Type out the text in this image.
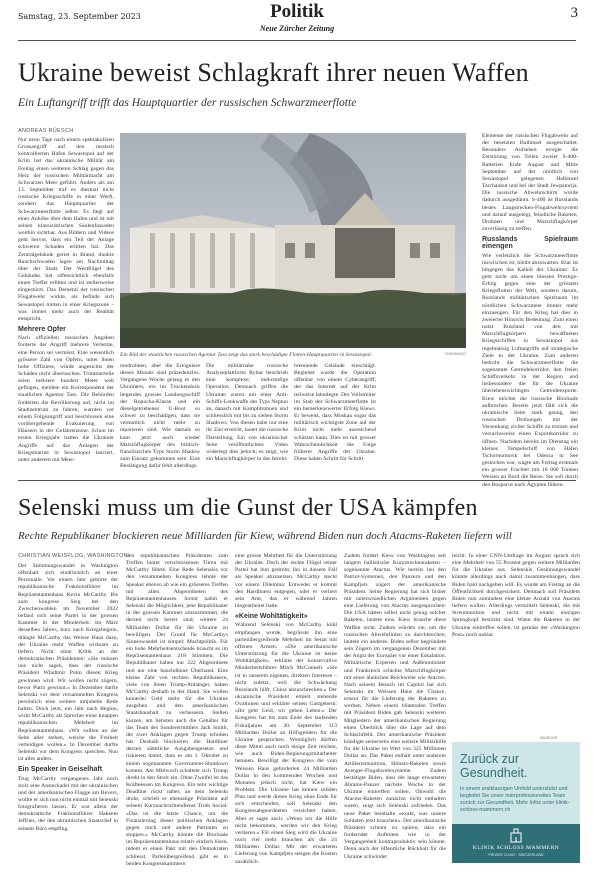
Politik
Neue Zürcher Zeitung
Samstag, 23. September 2023	3
Ukraine beweist Schlagkraft ihrer neuen Waffen
Ein Luftangriff trifft das Hauptquartier der russischen Schwarzmeerflotte
ANDREAS RÜESCH

Nur neun Tage nach einem spektakulären Grossangriff auf den russisch kontrollierten Hafen Sewastopol auf der Krim hat das ukrainische Militär am Freitag einen weiteren Schlag gegen das Herz der russischen Militärmacht am Schwarzen Meer geführt. Anders als am 13. September traf es diesmal nicht russische Kriegsschiffe in einer Werft, sondern das Hauptquartier der Schwarzmeerflotte selbst. Es liegt auf einer Anhöhe über dem Hafen und ist mit seinen klassizistischen Säulenfassaden weithin sichtbar. Aus Bildern und Videos geht hervor, dass ein Teil der Anlage schweren Schaden erlitten hat. Das Zentralgebäude geriet in Brand, dunkle Rauchschwaden lagen am Nachmittag über der Stadt. Der Westflügel des Gebäudes hat offensichtlich ebenfalls einen Treffer erlitten und ist stellenweise eingestürzt. Das Dementi der russischen Flugabwehr wirkte, als befinde sich Sewastopol mitten in einer Kriegszone – was immer mehr auch der Realität entspricht.

Mehrere Opfer

Nach offiziellen russischen Angaben forderte der Angriff mehrere Verletzte, eine Person sei vermisst. Eine wesentlich grössere Zahl von Opfern, unter ihnen hohe Offiziere, würde angesichts der Schäden nicht überraschen. Trümmerteile seien mehrere hundert Meter weit geflogen, meldete ein Korrespondent der staatlichen Agentur Tass. Die Behörden forderten die Bevölkerung auf, nicht im Stadtzentrum zu fahren, warnten vor einem Folgeangriff und beschlossen eine vorübergehende Evakuierung von Häusern in der Gefahrenzone. Schon im ersten Kriegsjahr hatten die Ukrainer Angriffe auf das Anlagen der Kriegsmarine in Sewastopol lanciert, unter anderem mit Meer-

Ein Bild der staatlichen russischen Agentur Tass zeigt das stark beschädigte Flotten-Hauptquartier in Sewastopol.	TASS/IMAGO

rendrohnen, aber die Ereignisse dieses Monats sind präzedenzlos. Vergangene Woche gelang es den Ukrainern, ein im Trockendock liegendes grosses Landungsschiff der Ropucha-Klasse und ein dieselgetriebenes U-Boot so schwer zu beschädigen, dass sie vermutlich nicht mehr zu reparieren sind. Wie damals so kam jetzt auch wieder Marschflugkörper des britisch-französischen Typs Storm Shadow zum Einsatz gekommen sein. Eine Bestätigung dafür fehlt allerdings.

Die militärnahe russische Analyseplattform Rybar beschrieb eine komplexe, mehrstufige Operation. Demnach griffen die Ukrainer zuerst mit einer Anti-Schiffs-Lenkwaffe des Typs Neptun an, danach mit Kampfdrohnen und schliesslich mit bis zu sieben Storm Shadows. Von diesen habe nur eine ihr Ziel erreicht, lautet die russische Darstellung. Ein von ukrainischer Seite veröffentlichtes Video widerlegt dies jedoch; es zeigt, wie ein Marschflugkörper in das bereits

brennende Gebäude einschlägt. Begleitet wurde die Operation offenbar von einem Cyberangriff, der das Internet auf der Krim teilweise lahmlegte. Der Vollstreiter im Stab der Schwarzmeerflotte ist ein bemerkenswerter Erfolg Kiews. Er beweist, dass Moskau sogar das militärisch wichtigste Zone auf der Krim nicht mehr ausreichend schützen kann. Dies ist mit grosser Wahrscheinlichkeit die Folge früherer Angriffe der Ukraine. Diese haben Schritt für Schritt

Elemente der russischen Flugabwehr auf der besetzten Halbinsel ausgeschaltet. Besonders Aufsehen erregte die Zerstörung von Teilen zweier S-400-Batterien Ende August und Mitte September auf der nördlich von Sewastopol gelegenen Halbinsel Tarchankut und bei der Stadt Jewpatorija. Die russische Abwehrschirm wurde dadurch ausgedünnt. S-400 ist Russlands bestes Langstrecken-Flugabwehrsystem und darauf ausgelegt, feindliche Raketen, Drohnen und Marschflugkörper zuverlässig zu treffen.

Russlands Spielraum einengen

Wie verletzlich die Schwarzmeerflotte inzwischen ist, bleibt abzuwarten. Klar ist hingegen das Kalkül der Ukrainer: Es geht nicht um einen blossen Prestige-Erfolg gegen eine der grössten Kriegsflotten der Welt, sondern darum, Russlands militärischen Spielraum im nördlichen Schwarzmeer immer mehr einzuengen. Für den Krieg hat dies in zweierlei Hinsicht Bedeutung. Zum einen nutzt Russland von den mit Marschflugkörpern bewaffneten Kriegsschiffen in Sewastopol aus regelmässig Luftangriffe auf strategische Ziele in der Ukraine. Zum anderen bedroht die Schwarzmeerflotte die sogenannte Getreidekorridor, den freien Schiffsverkehr in der Region und insbesondere die für die Ukraine überlebenswichtigen Getreideexporte. Kiew möchte die russische Blockade aufbrechen. Bereits jetzt fällt sich die ukrainische Seite stark genug, den russischen Drohungen mit der Versenkung ziviler Schiffe zu trotzen und versuchsweise einen Exportkorridor zu öffnen. Nachdem bereits im Dienstag ein kleines Tempelschiff von Häfen Tschornomorsk bei Odessa in See gestochen war, wagte am Freitag erstmals ein grosser Frachter mit 18 000 Tonnen Weizen an Bord die Reise. Sie soll durch den Bosporus nach Ägypten führen.

Selenski muss um die Gunst der USA kämpfen
Rechte Republikaner blockieren neue Milliarden für Kiew, während Biden nun doch Atacms-Raketen liefern will
CHRISTIAN WEISFLOG, WASHINGTON

Der Stimmungswandel in Washington offenbart sich eindrücklich an einer Personalie. Vor einem Jahr gehörte der republikanische Fraktionsführer im Repräsentantenhaus Kevin McCarthy. Bis zum kongress Sieg bei den Zwischenwahlen im November 2022 befand sich seine Partei in der grossen Kammer in der Minderheit. Im März desselben Jahres, kurz nach Kriegsbeginn, drängte McCarthy das Weisse Haus dazu, der Ukraine mehr Waffen wirksam zu liefern. Nicht ohne Kritik an der demokratischen Präsidenten: «Sie müssen uns nicht sagen, dass der russische Präsident Wladimir Putin diesen Krieg gewinnen wird. Wir wollen nicht zögern, bevor Putin gewinnt.» In Dezember darfte Selenski vor dem versammelten Kongress persönlich eine weitere umjubelte Rede halten. Doch jetzt, ein Jahr nach Beginn, wirkt McCarthy als Sprecher einer knappen republikanischen Mehrheit im Repräsentantenhaus. «Wir sollten an der Seite aller stehen, welche die Freiheit verteidigen wollen.» In Dezember durfte Selenski vor dem Kongress sprechen. Nun ist alles anders.

Ein Speaker in Geiselhaft

Trug McCarthy vergangenes Jahr noch stolz eine Ansteckadel mit der ukrainischen und der amerikanischen Flagge am Revers, wollte er sich nun nicht einmal mit Selenski fotografieren lassen. Er war allein der demokratische Fraktionsführer Hakeem Jeffries, der den ukrainischen Staatschef in seinem Büro empfing.

den republikanischen Präsidenten zum Treffen hinter verschlossenen Türen mit McCarthy führte. Eine Rede Selenskis vor den versammelten Kongress lehnte der Speaker ebenso ab wie ein grösseres Treffen mit allen Abgeordneten des Repräsentantenhauses. Somit nahm er Selenski die Möglichkeit, jene Republikaner in der grossen Kammer umzustimmen, die derzeit nicht bereit sind, weitere 24 Milliarden Dollar für die Ukraine zu bewilligen. Der Grund für McCarthys Sinneswandel ist simpel: Machtpolitik. Für ein hohe Mehrheitsentscheide braucht es im Repräsentantenhaus 218 Stimmen. Die Republikaner haben nur 222 Abgeordnete und nur eine hauchdünne Überhand. Eine kleine Zahl von rechten Republikanern, viele von ihnen Trump-Anhänger, haben McCarthy deshalb in der Hand. Sie wollen keinerlei Geld mehr für die Ukraine ausgeben und den amerikanischen Staatshaushalt zu verbessern. Stellen kürzen, am liebsten auch die Gehälter für das Team des Sonderermittlers Jack Smith, der zwei Anklagen gegen Trump erhoben hat. Deshalb blockieren die Hardliner derzeit sämtliche Ausgabengesetze und riskieren damit, dass es am 1. Oktober zu einem sogenannten Government-Shutdown kommt. Am Mittwoch schaltete sich Trump direkt in den Streit ein. Ohne Zweifel ist das Kräfteessen im Kongress. Ein sehr wichtige Deadline rückt näher, an dem Selenski droht, schrieb er ehemalige Präsident auf seinem Kurznachrichtendienst Truth Social: «Das ist die letzte Chance, um die Finanzierung dieser politischen Anklagen gegen mich und andere Patrioten zu stoppen.» McCarthy könnte die Blockade im Repräsentantenhaus relativ einfach lösen, indem er einen Pakt mit den Demokraten schliesst. Parteiübergreifend gibt es in beiden Kongresskammern

eine grosse Mehrheit für die Unterstützung der Ukraine. Doch der rechte Flügel seiner Partei hat ihm gedroht, ihn in diesem Fall als Speaker abzusetzen. McCarthy steckt vor einem Dilemma: Entweder er kommt den Hardlinern entgegen, oder er verliert sein Amt, das er während Jahren hingearbeitet hatte.

«Keine Wohltätigkeit»

Während Selenski von McCarthy kühl empfangen wurde, begrüsste ihn eine parteiübergreifende Mehrheit im Senat mit offenen Armen. «Die amerikanische Unterstützung für die Ukraine ist keine Wohltätigkeit», erklärte der konservative Minderheitsführer Mitch McConnell. «Sie ist in unserem eigenen, direkten Interesse – nicht zuletzt, weil die Schwächung Russlands hilft, China abzuschrecken.» Der ukrainische Präsident erhielt stehende Ovationen und erklärte seinen Gastgebern: «Ihr gebt Geld, wir geben Leben.» Der Kongress hat bis zum Ende des laufenden Fiskaljahres am 30. September 113 Milliarden Dollar an Hilfsgeldern für die Ukraine gesprochen. Womöglich dürften diese Mittel auch noch einige Zeit reichen, wie auch Biden-Regierungsmitarbeiter betonen. Bewilligt der Kongress die vom Weissen Haus geforderten 24 Milliarden Dollar in den kommenden Wochen und Monaten jedoch nicht, hat Kiew ein Problem. Die Ukraine hat keinen soliden Plan und werde dieses Krieg ohne Ende für sich entscheiden, soll Selenski den Kongressabgeordneten versichert haben. Aber er sagte auch: «Wenn wir die Hilfe nicht bekommen, werden wir den Krieg verlieren.» Für einen Sieg wird die Ukraine noch viel mehr brauchen als die 24 Milliarden Dollar. Mit der erwarteten Lieferung von Kampfjets steigen die Kosten zusätzlich.

Zudem fordert Kiew von Washington seit langem ballistische Kurzstreckenraketen – sogenannte Atacms. Wie bereits bei den Patriot-Systemen, den Panzern und den Kampfjets zögert der amerikanische Präsident. Seine Regierung hat sich bisher mit unterschiedlichen Argumenten gegen eine Lieferung von Atacms ausgesprochen: Die USA hätten selbst nicht genug solcher Raketen, lautete eins. Kiew brauche diese Waffen nicht. Zudem würden sie, um die russischen Abwehrlinien zu durchbrechen, lautete ein anderes. Biden selbst begründete sein Zögern im vergangenen Dezember mit der Angst der Europäer vor einer Eskalation. Militärische Experten und Außenminister und Frankreich schickte Marschflugkörper mit einer ähnlichen Reichweite wie Atacms. Nach seinem Besuch im Capitol hat sich Selenski im Weissen Haus die Chance, erneut für die Lieferung der Raketen zu werben. Neben einem bilateralen Treffen mit Präsident Biden gab Selenski weiteren Mitgliedern der amerikanischen Regierung einen Überblick über die Lage auf dem Schlachtfeld. Der amerikanische Präsident kündigte seinerseits eine weitere Militärhilfe für die Ukraine im Wert von 325 Millionen Dollar an. Das Paket enthält unter anderem Artilleriemunition, Himars-Raketen sowie Avenger-Flugabwehrsysteme. Zudem bestätigte Biden, dass die lange erwarteten Abrams-Panzer nächste Woche in der Ukraine eintreffen sollen. Obwohl die Atacms-Raketen zunächst nicht enthalten waren, zeigt sich Selenski zufrieden. Das neue Paket beinhalte «exakt, was unsere Soldaten jetzt brauchen». Der amerikanische Präsident scheint zu spüren, dass ein fordernder Auftreten wie in der Vergangenheit kontraproduktiv sein könnte. Denn auch der öffentliche Rückhalt für die Ukraine schwindet

leicht: In einer CNN-Umfrage im August sprach sich eine Mehrheit von 55 Prozent gegen weitere Milliarden für die Ukraine aus. Selenskis Gesinnungswandel könnte allerdings auch damit zusammenhängen, dass Biden bald nachgeben will. Es wurde am Freitag an die Öffentlichkeit durchgesickert. Demnach soll Präsident Biden nun zumindest eine kleine Anzahl von Atacms liefern wollen. Allerdings vermittelt Selenski, die mit Streumunition und nicht mit einem einzigen Sprengkopf bestückt sind. Wann die Raketen in der Ukraine eintreffen sollen, ist gemäss der «Washington Post» noch unklar.

ANZEIGE
Zurück zur Gesundheit.
In einem erstklassigen Umfeld unterstützt und begleitet Sie unser interprofessionelles Team zurück zur Gesundheit. Mehr Infos unter klinik-schloss-mammern.ch
KLINIK SCHLOSS MAMMERN
PRIVATE CLINIC · SWITZERLAND
